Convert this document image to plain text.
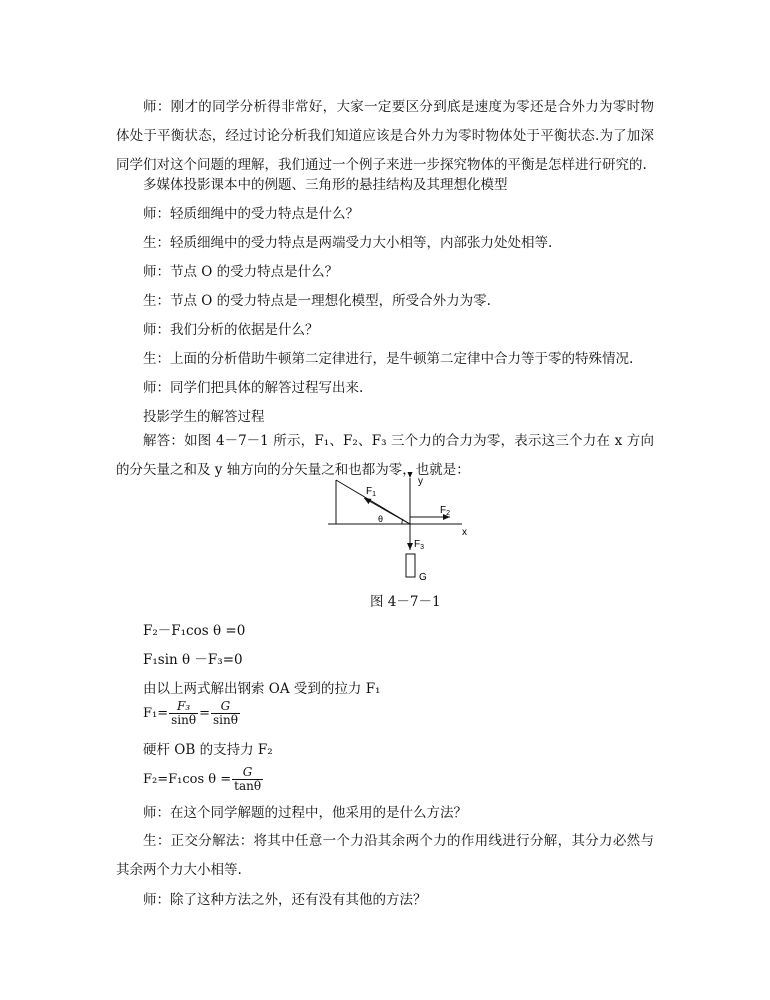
师：刚才的同学分析得非常好，大家一定要区分到底是速度为零还是合外力为零时物体处于平衡状态，经过讨论分析我们知道应该是合外力为零时物体处于平衡状态.为了加深同学们对这个问题的理解，我们通过一个例子来进一步探究物体的平衡是怎样进行研究的.
多媒体投影课本中的例题、三角形的悬挂结构及其理想化模型
师：轻质细绳中的受力特点是什么？
生：轻质细绳中的受力特点是两端受力大小相等，内部张力处处相等.
师：节点 O 的受力特点是什么？
生：节点 O 的受力特点是一理想化模型，所受合外力为零.
师：我们分析的依据是什么？
生：上面的分析借助牛顿第二定律进行，是牛顿第二定律中合力等于零的特殊情况.
师：同学们把具体的解答过程写出来.
投影学生的解答过程
解答：如图 4－7－1 所示，F₁、F₂、F₃ 三个力的合力为零，表示这三个力在 x 方向的分矢量之和及 y 轴方向的分矢量之和也都为零，也就是：
$F_1$
θ
$F_2$
x
y
$F_3$
G
图 4－7－1
F₂－F₁cos θ =0
F₁sin θ －F₃=0
由以上两式解出钢索 OA 受到的拉力 F₁
$F_1= \frac{\text{F₃}}{\sin\theta} = \frac{G}{\sin\theta}$
硬杆 OB 的支持力 F₂
F₂=F₁cos $\theta = \frac{G}{\tan\theta}$
师：在这个同学解题的过程中，他采用的是什么方法？
生：正交分解法：将其中任意一个力沿其余两个力的作用线进行分解，其分力必然与其余两个力大小相等.
师：除了这种方法之外，还有没有其他的方法？
